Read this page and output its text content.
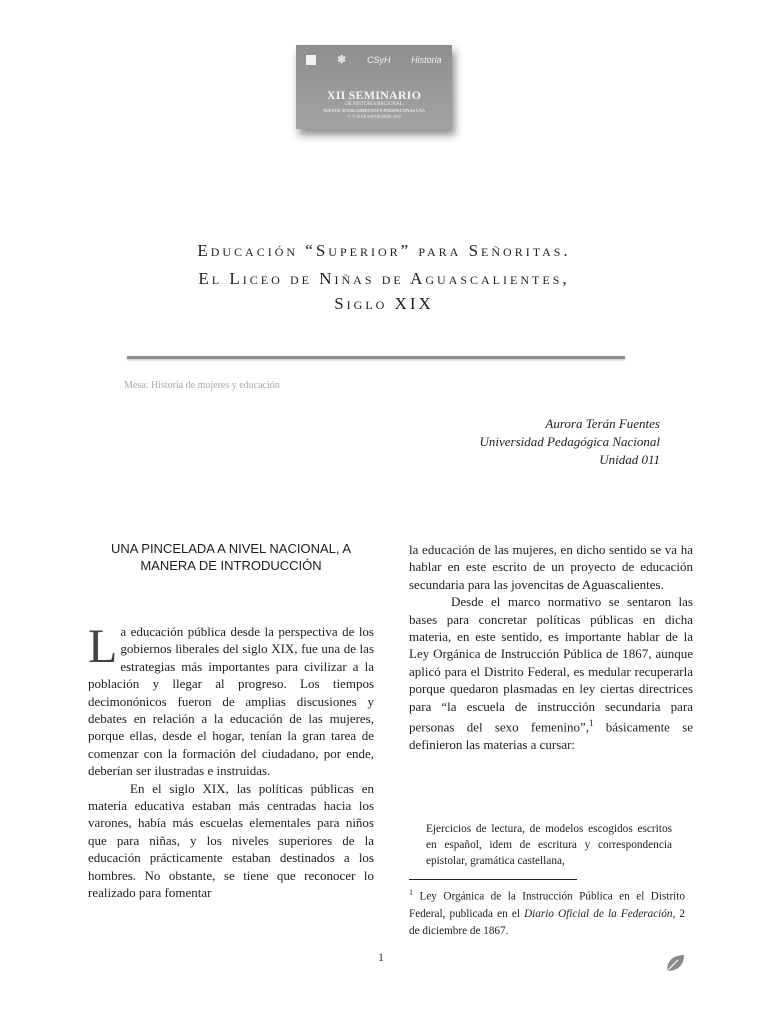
✽ CSyH Historia
XII SEMINARIO
DE HISTORIA REGIONAL
NUEVOS ACERCAMIENTOS Y PERSPECTIVAS UAA
27 Y 28 DE SEPTIEMBRE 2018
Educación “Superior” para Señoritas.
El Liceo de Niñas de Aguascalientes,
Siglo XIX
Mesa: Historia de mujeres y educación
Aurora Terán Fuentes
Universidad Pedagógica Nacional
Unidad 011
UNA PINCELADA A NIVEL NACIONAL, A MANERA DE INTRODUCCIÓN

La educación pública desde la perspectiva de los gobiernos liberales del siglo XIX, fue una de las estrategias más importantes para civilizar a la población y llegar al progreso. Los tiempos decimonónicos fueron de amplias discusiones y debates en relación a la educación de las mujeres, porque ellas, desde el hogar, tenían la gran tarea de comenzar con la formación del ciudadano, por ende, deberían ser ilustradas e instruidas.

En el siglo XIX, las políticas públicas en materia educativa estaban más centradas hacia los varones, había más escuelas elementales para niños que para niñas, y los niveles superiores de la educación prácticamente estaban destinados a los hombres. No obstante, se tiene que reconocer lo realizado para fomentar

la educación de las mujeres, en dicho sentido se va ha hablar en este escrito de un proyecto de educación secundaria para las jovencitas de Aguascalientes.

Desde el marco normativo se sentaron las bases para concretar políticas públicas en dicha materia, en este sentido, es importante hablar de la Ley Orgánica de Instrucción Pública de 1867, aunque aplicó para el Distrito Federal, es medular recuperarla porque quedaron plasmadas en ley ciertas directrices para “la escuela de instrucción secundaria para personas del sexo femenino”,$^1$ básicamente se definieron las materias a cursar:

Ejercicios de lectura, de modelos escogidos escritos en español, idem de escritura y correspondencia epistolar, gramática castellana,
$^1$ Ley Orgánica de la Instrucción Pública en el Distrito Federal, publicada en el Diario Oficial de la Federación, 2 de diciembre de 1867.
1
